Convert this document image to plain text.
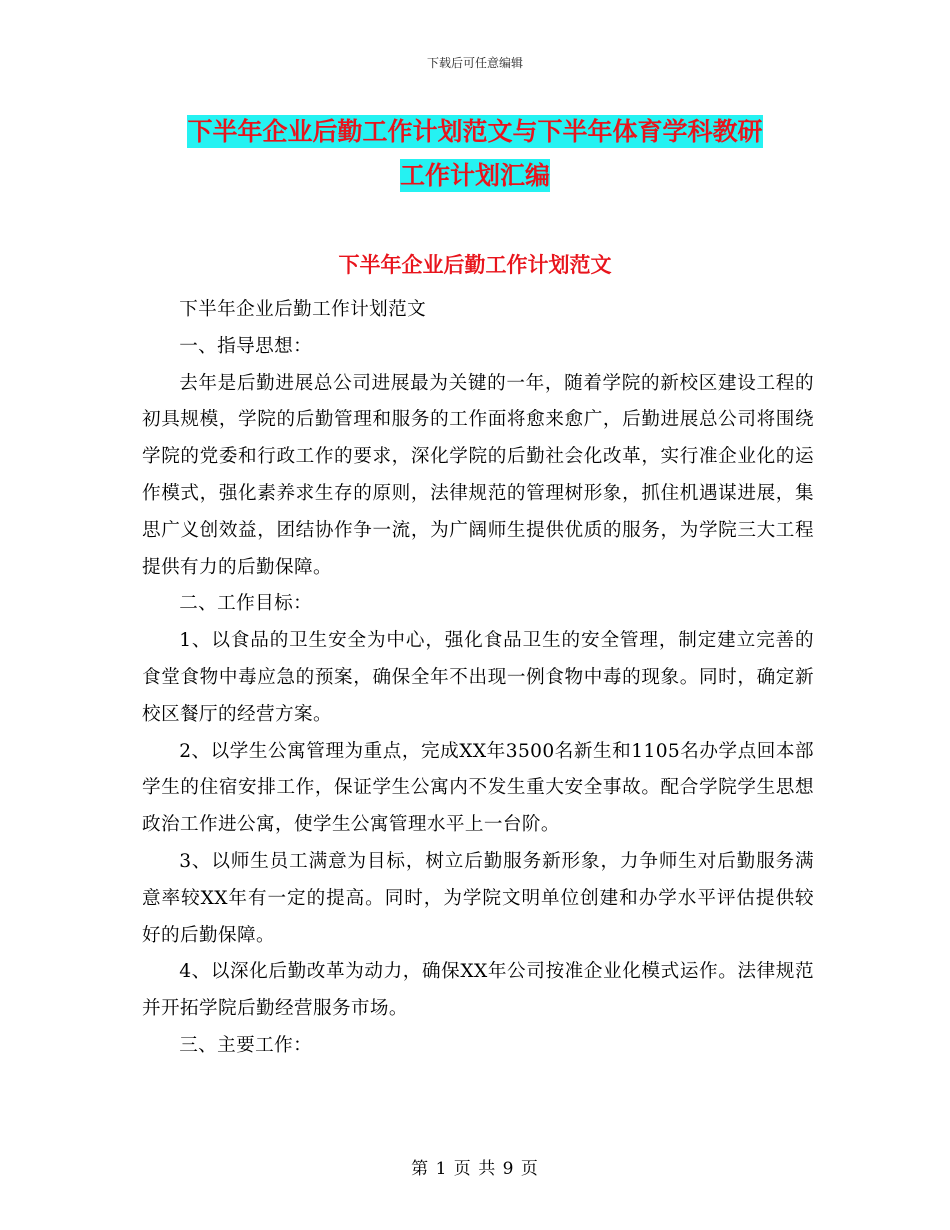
下载后可任意编辑
下半年企业后勤工作计划范文与下半年体育学科教研
工作计划汇编
下半年企业后勤工作计划范文

下半年企业后勤工作计划范文

一、指导思想：

去年是后勤进展总公司进展最为关键的一年，随着学院的新校区建设工程的初具规模，学院的后勤管理和服务的工作面将愈来愈广，后勤进展总公司将围绕学院的党委和行政工作的要求，深化学院的后勤社会化改革，实行准企业化的运作模式，强化素养求生存的原则，法律规范的管理树形象，抓住机遇谋进展，集思广义创效益，团结协作争一流，为广阔师生提供优质的服务，为学院三大工程提供有力的后勤保障。

二、工作目标：

1、以食品的卫生安全为中心，强化食品卫生的安全管理，制定建立完善的食堂食物中毒应急的预案，确保全年不出现一例食物中毒的现象。同时，确定新校区餐厅的经营方案。

2、以学生公寓管理为重点，完成XX年3500名新生和1105名办学点回本部学生的住宿安排工作，保证学生公寓内不发生重大安全事故。配合学院学生思想政治工作进公寓，使学生公寓管理水平上一台阶。

3、以师生员工满意为目标，树立后勤服务新形象，力争师生对后勤服务满意率较XX年有一定的提高。同时，为学院文明单位创建和办学水平评估提供较好的后勤保障。

4、以深化后勤改革为动力，确保XX年公司按准企业化模式运作。法律规范并开拓学院后勤经营服务市场。

三、主要工作：

第 1 页 共 9 页
